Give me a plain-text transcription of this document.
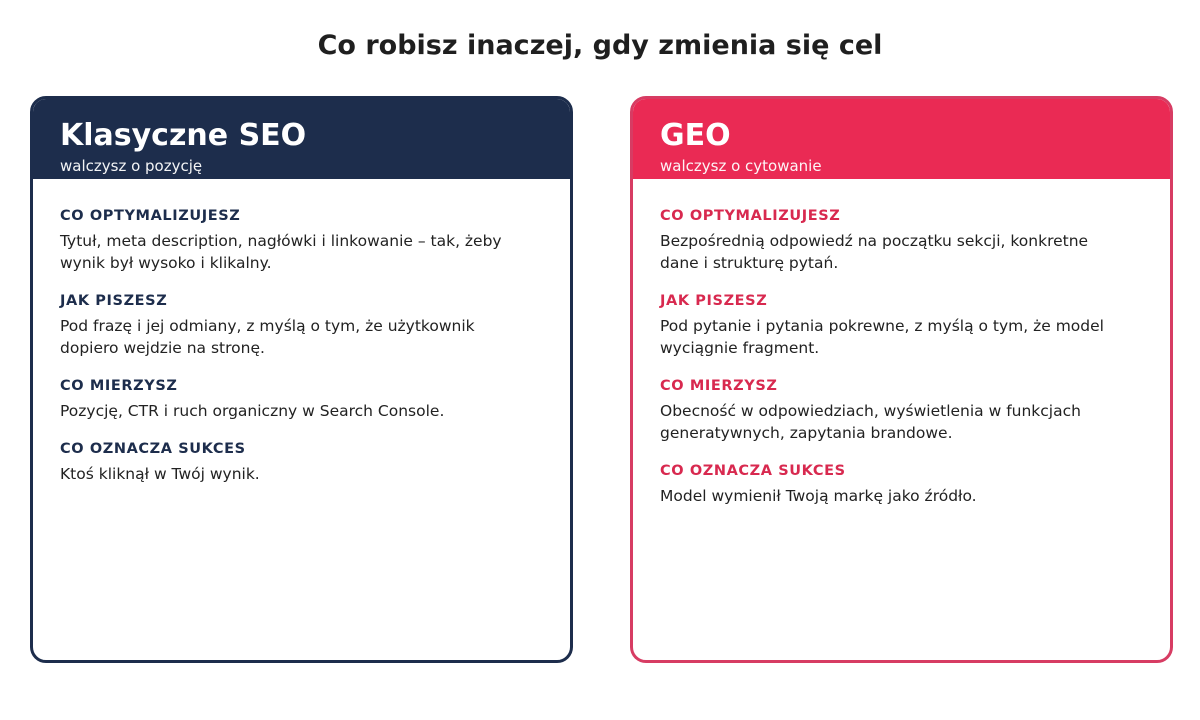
Co robisz inaczej, gdy zmienia się cel
Klasyczne SEO
walczysz o pozycję
CO OPTYMALIZUJESZ
Tytuł, meta description, nagłówki i linkowanie – tak, żeby wynik był wysoko i klikalny.
JAK PISZESZ
Pod frazę i jej odmiany, z myślą o tym, że użytkownik dopiero wejdzie na stronę.
CO MIERZYSZ
Pozycję, CTR i ruch organiczny w Search Console.
CO OZNACZA SUKCES
Ktoś kliknął w Twój wynik.
GEO
walczysz o cytowanie
CO OPTYMALIZUJESZ
Bezpośrednią odpowiedź na początku sekcji, konkretne dane i strukturę pytań.
JAK PISZESZ
Pod pytanie i pytania pokrewne, z myślą o tym, że model wyciągnie fragment.
CO MIERZYSZ
Obecność w odpowiedziach, wyświetlenia w funkcjach generatywnych, zapytania brandowe.
CO OZNACZA SUKCES
Model wymienił Twoją markę jako źródło.
